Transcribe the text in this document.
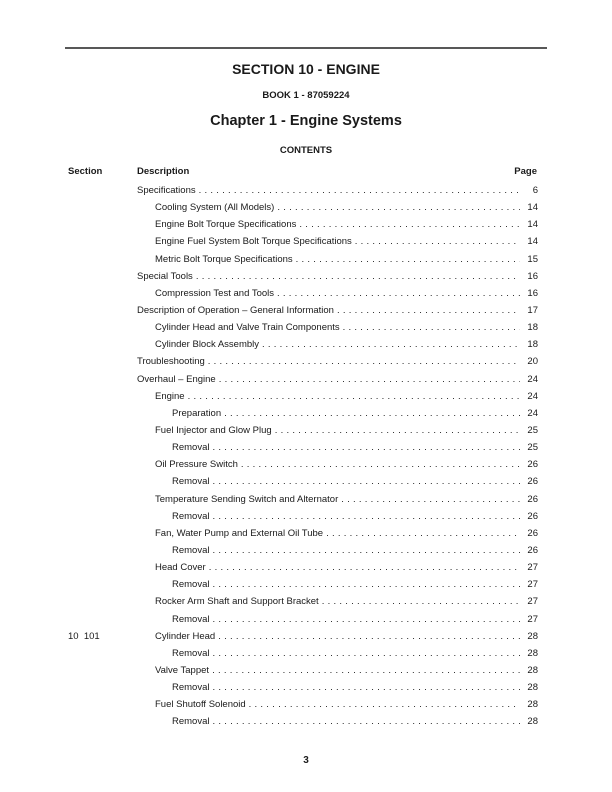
SECTION 10 - ENGINE
BOOK 1 - 87059224
Chapter 1 - Engine Systems
CONTENTS
Section	Description	Page
Specifications . . .	6
Cooling System (All Models) . . .	14
Engine Bolt Torque Specifications . . .	14
Engine Fuel System Bolt Torque Specifications . . .	14
Metric Bolt Torque Specifications . . .	15
Special Tools . . .	16
Compression Test and Tools . . .	16
Description of Operation – General Information . . .	17
Cylinder Head and Valve Train Components . . .	18
Cylinder Block Assembly . . .	18
Troubleshooting . . .	20
Overhaul – Engine . . .	24
Engine . . .	24
Preparation . . .	24
Fuel Injector and Glow Plug . . .	25
Removal . . .	25
Oil Pressure Switch . . .	26
Removal . . .	26
Temperature Sending Switch and Alternator . . .	26
Removal . . .	26
Fan, Water Pump and External Oil Tube . . .	26
Removal . . .	26
Head Cover . . .	27
Removal . . .	27
Rocker Arm Shaft and Support Bracket . . .	27
Removal . . .	27
10  101	Cylinder Head . . .	28
Removal . . .	28
Valve Tappet . . .	28
Removal . . .	28
Fuel Shutoff Solenoid . . .	28
Removal . . .	28
3
